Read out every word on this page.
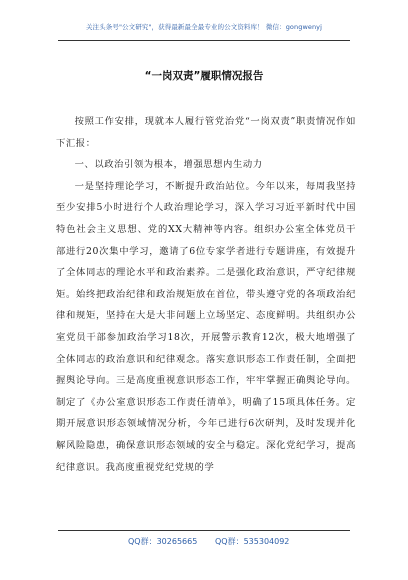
关注头条号"公文研究"，获得最新最全最专业的公文资料库！ 微信：gongwenyj
“一岗双责”履职情况报告

按照工作安排，现就本人履行管党治党“一岗双责”职责情况作如下汇报：

一、以政治引领为根本，增强思想内生动力

一是坚持理论学习，不断提升政治站位。今年以来，每周我坚持至少安排5小时进行个人政治理论学习，深入学习习近平新时代中国特色社会主义思想、党的XX大精神等内容。组织办公室全体党员干部进行20次集中学习，邀请了6位专家学者进行专题讲座，有效提升了全体同志的理论水平和政治素养。二是强化政治意识，严守纪律规矩。始终把政治纪律和政治规矩放在首位，带头遵守党的各项政治纪律和规矩，坚持在大是大非问题上立场坚定、态度鲜明。共组织办公室党员干部参加政治学习18次，开展警示教育12次，极大地增强了全体同志的政治意识和纪律观念。落实意识形态工作责任制，全面把握舆论导向。三是高度重视意识形态工作，牢牢掌握正确舆论导向。制定了《办公室意识形态工作责任清单》，明确了15项具体任务。定期开展意识形态领域情况分析，今年已进行6次研判，及时发现并化解风险隐患，确保意识形态领域的安全与稳定。深化党纪学习，提高纪律意识。我高度重视党纪党规的学

QQ群：30265665 QQ群：535304092
